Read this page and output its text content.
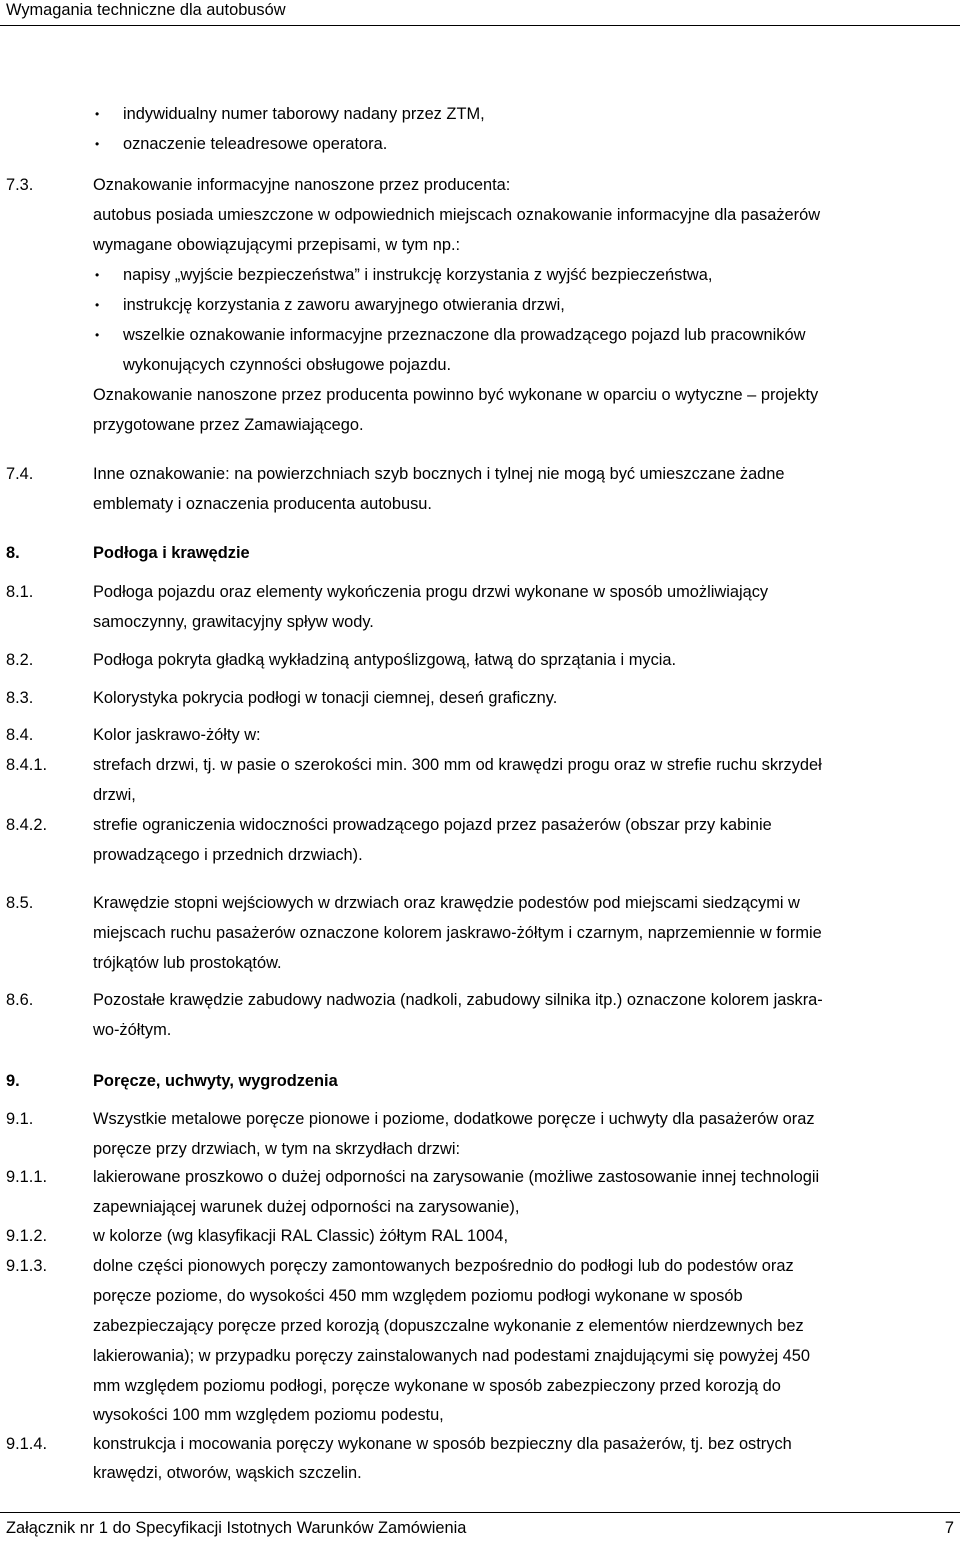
Wymagania techniczne dla autobusów
• indywidualny numer taborowy nadany przez ZTM,
• oznaczenie teleadresowe operatora.
7.3.	Oznakowanie informacyjne nanoszone przez producenta:
autobus posiada umieszczone w odpowiednich miejscach oznakowanie informacyjne dla pasażerów
wymagane obowiązującymi przepisami, w tym np.:
• napisy „wyjście bezpieczeństwa” i instrukcję korzystania z wyjść bezpieczeństwa,
• instrukcję korzystania z zaworu awaryjnego otwierania drzwi,
• wszelkie oznakowanie informacyjne przeznaczone dla prowadzącego pojazd lub pracowników
wykonujących czynności obsługowe pojazdu.
Oznakowanie nanoszone przez producenta powinno być wykonane w oparciu o wytyczne – projekty
przygotowane przez Zamawiającego.
7.4.	Inne oznakowanie: na powierzchniach szyb bocznych i tylnej nie mogą być umieszczane żadne
emblematy i oznaczenia producenta autobusu.
8.	Podłoga i krawędzie
8.1.	Podłoga pojazdu oraz elementy wykończenia progu drzwi wykonane w sposób umożliwiający
samoczynny, grawitacyjny spływ wody.
8.2.	Podłoga pokryta gładką wykładziną antypoślizgową, łatwą do sprzątania i mycia.
8.3.	Kolorystyka pokrycia podłogi w tonacji ciemnej, deseń graficzny.
8.4.	Kolor jaskrawo-żółty w:
8.4.1.	strefach drzwi, tj. w pasie o szerokości min. 300 mm od krawędzi progu oraz w strefie ruchu skrzydeł
drzwi,
8.4.2.	strefie ograniczenia widoczności prowadzącego pojazd przez pasażerów (obszar przy kabinie
prowadzącego i przednich drzwiach).
8.5.	Krawędzie stopni wejściowych w drzwiach oraz krawędzie podestów pod miejscami siedzącymi w
miejscach ruchu pasażerów oznaczone kolorem jaskrawo-żółtym i czarnym, naprzemiennie w formie
trójkątów lub prostokątów.
8.6.	Pozostałe krawędzie zabudowy nadwozia (nadkoli, zabudowy silnika itp.) oznaczone kolorem jaskra-
wo-żółtym.
9.	Poręcze, uchwyty, wygrodzenia
9.1.	Wszystkie metalowe poręcze pionowe i poziome, dodatkowe poręcze i uchwyty dla pasażerów oraz
poręcze przy drzwiach, w tym na skrzydłach drzwi:
9.1.1.	lakierowane proszkowo o dużej odporności na zarysowanie (możliwe zastosowanie innej technologii
zapewniającej warunek dużej odporności na zarysowanie),
9.1.2.	w kolorze (wg klasyfikacji RAL Classic) żółtym RAL 1004,
9.1.3.	dolne części pionowych poręczy zamontowanych bezpośrednio do podłogi lub do podestów oraz
poręcze poziome, do wysokości 450 mm względem poziomu podłogi wykonane w sposób
zabezpieczający poręcze przed korozją (dopuszczalne wykonanie z elementów nierdzewnych bez
lakierowania); w przypadku poręczy zainstalowanych nad podestami znajdującymi się powyżej 450
mm względem poziomu podłogi, poręcze wykonane w sposób zabezpieczony przed korozją do
wysokości 100 mm względem poziomu podestu,
9.1.4.	konstrukcja i mocowania poręczy wykonane w sposób bezpieczny dla pasażerów, tj. bez ostrych
krawędzi, otworów, wąskich szczelin.
Załącznik nr 1 do Specyfikacji Istotnych Warunków Zamówienia	7
